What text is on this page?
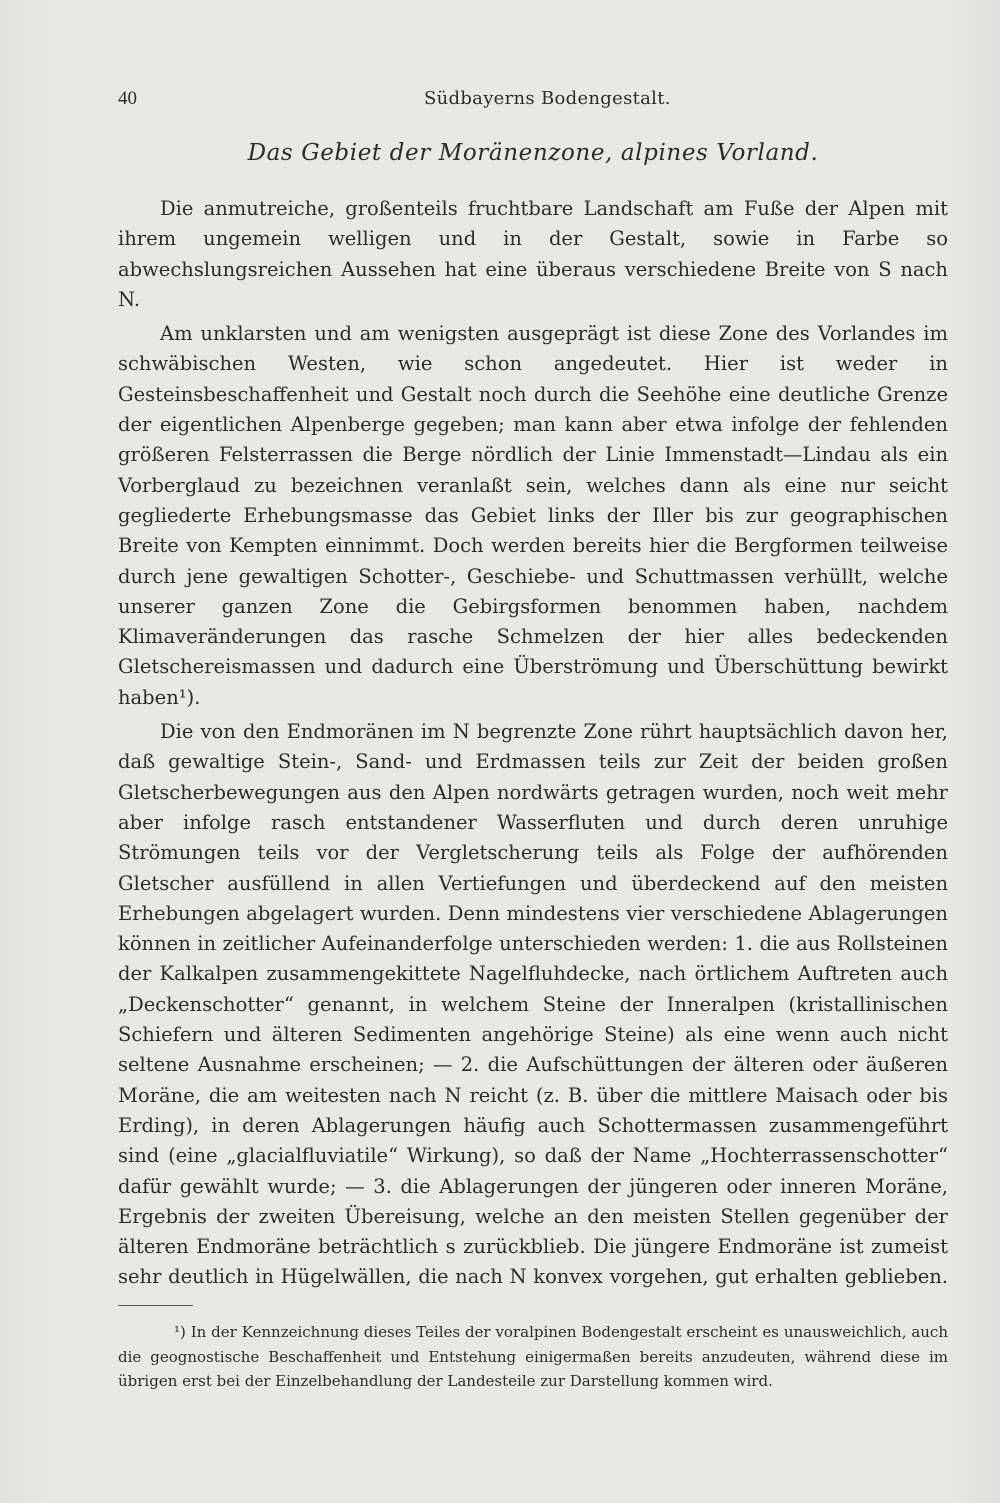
40	Südbayerns Bodengestalt.
Das Gebiet der Moränenzone, alpines Vorland.

Die anmutreiche, großenteils fruchtbare Landschaft am Fuße der Alpen mit ihrem ungemein welligen und in der Gestalt, sowie in Farbe so abwechslungsreichen Aussehen hat eine überaus verschiedene Breite von S nach N.

Am unklarsten und am wenigsten ausgeprägt ist diese Zone des Vorlandes im schwäbischen Westen, wie schon angedeutet. Hier ist weder in Gesteinsbeschaffenheit und Gestalt noch durch die Seehöhe eine deutliche Grenze der eigentlichen Alpenberge gegeben; man kann aber etwa infolge der fehlenden größeren Felsterrassen die Berge nördlich der Linie Immenstadt—Lindau als ein Vorberglaud zu bezeichnen veranlaßt sein, welches dann als eine nur seicht gegliederte Erhebungsmasse das Gebiet links der Iller bis zur geographischen Breite von Kempten einnimmt. Doch werden bereits hier die Bergformen teilweise durch jene gewaltigen Schotter-, Geschiebe- und Schuttmassen verhüllt, welche unserer ganzen Zone die Gebirgsformen benommen haben, nachdem Klimaveränderungen das rasche Schmelzen der hier alles bedeckenden Gletschereismassen und dadurch eine Überströmung und Überschüttung bewirkt haben¹).

Die von den Endmoränen im N begrenzte Zone rührt hauptsächlich davon her, daß gewaltige Stein-, Sand- und Erdmassen teils zur Zeit der beiden großen Gletscherbewegungen aus den Alpen nordwärts getragen wurden, noch weit mehr aber infolge rasch entstandener Wasserfluten und durch deren unruhige Strömungen teils vor der Vergletscherung teils als Folge der aufhörenden Gletscher ausfüllend in allen Vertiefungen und überdeckend auf den meisten Erhebungen abgelagert wurden. Denn mindestens vier verschiedene Ablagerungen können in zeitlicher Aufeinanderfolge unterschieden werden: 1. die aus Rollsteinen der Kalkalpen zusammengekittete Nagelfluhdecke, nach örtlichem Auftreten auch „Deckenschotter“ genannt, in welchem Steine der Inneralpen (kristallinischen Schiefern und älteren Sedimenten angehörige Steine) als eine wenn auch nicht seltene Ausnahme erscheinen; — 2. die Aufschüttungen der älteren oder äußeren Moräne, die am weitesten nach N reicht (z. B. über die mittlere Maisach oder bis Erding), in deren Ablagerungen häufig auch Schottermassen zusammengeführt sind (eine „glacialfluviatile“ Wirkung), so daß der Name „Hochterrassenschotter“ dafür gewählt wurde; — 3. die Ablagerungen der jüngeren oder inneren Moräne, Ergebnis der zweiten Übereisung, welche an den meisten Stellen gegenüber der älteren Endmoräne beträchtlich s zurückblieb. Die jüngere Endmoräne ist zumeist sehr deutlich in Hügelwällen, die nach N konvex vorgehen, gut erhalten geblieben.

¹) In der Kennzeichnung dieses Teiles der voralpinen Bodengestalt erscheint es unausweichlich, auch die geognostische Beschaffenheit und Entstehung einigermaßen bereits anzudeuten, während diese im übrigen erst bei der Einzelbehandlung der Landesteile zur Darstellung kommen wird.
